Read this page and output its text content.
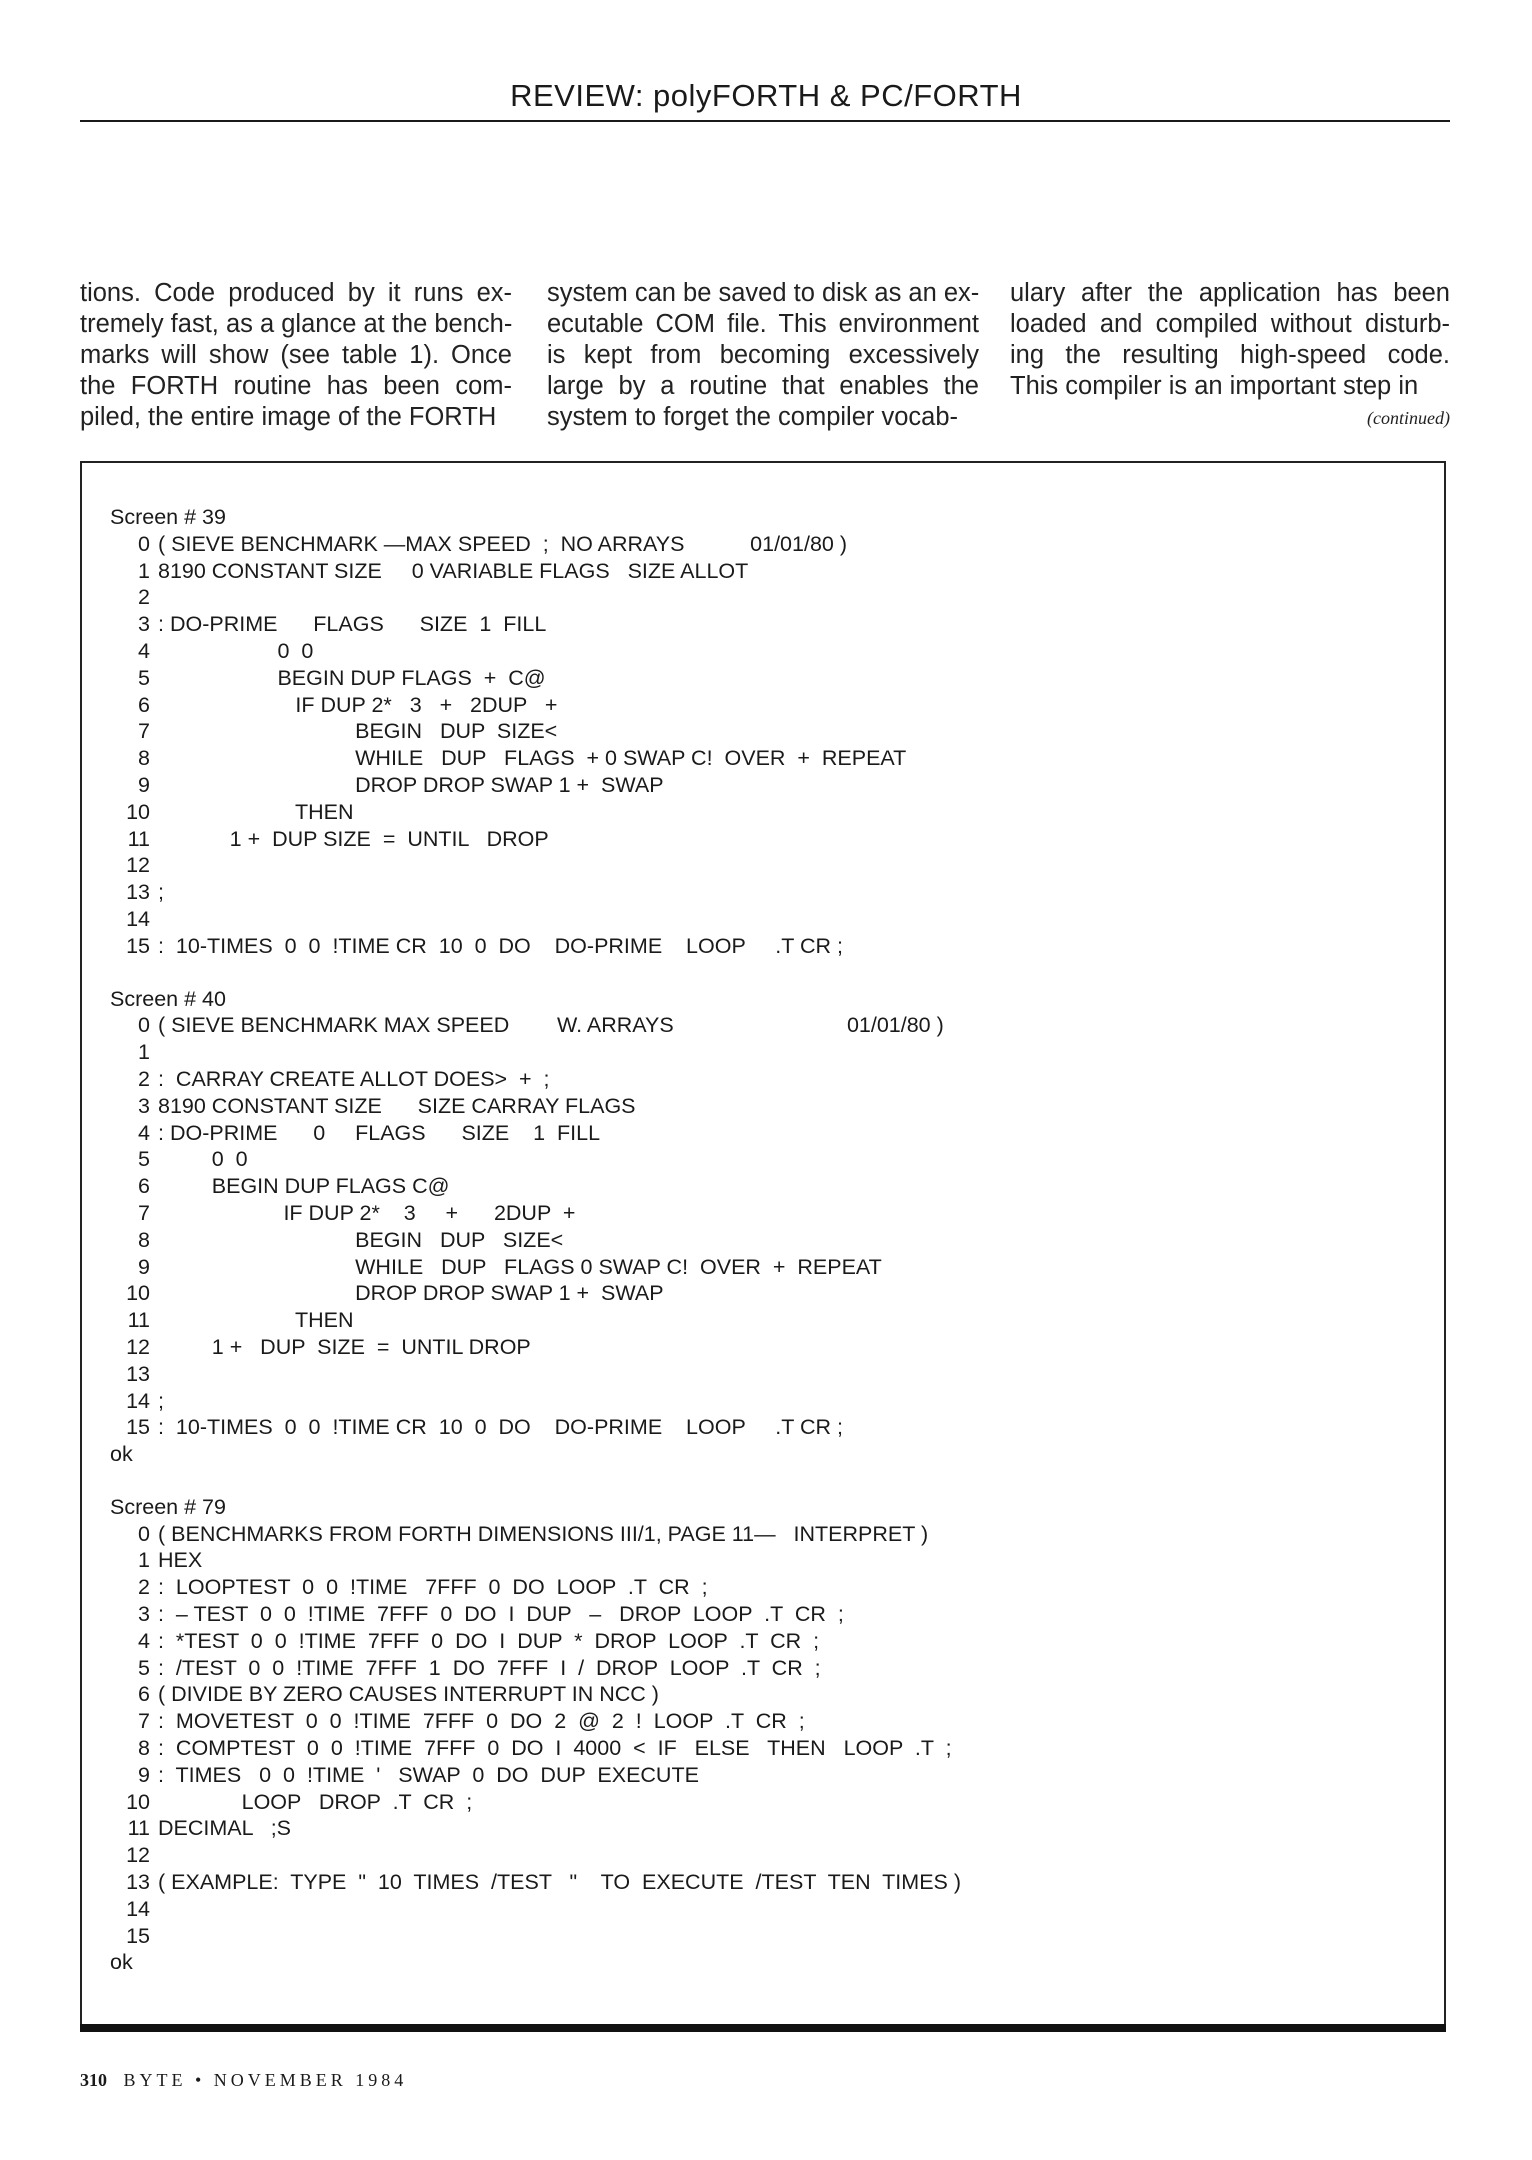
REVIEW: polyFORTH & PC/FORTH
tions. Code produced by it runs ex-
tremely fast, as a glance at the bench-
marks will show (see table 1). Once
the FORTH routine has been com-
piled, the entire image of the FORTH
system can be saved to disk as an ex-
ecutable COM file. This environment
is kept from becoming excessively
large by a routine that enables the
system to forget the compiler vocab-
ulary after the application has been
loaded and compiled without disturb-
ing the resulting high-speed code.
This compiler is an important step in
(continued)
Screen # 39
0 ( SIEVE BENCHMARK —MAX SPEED  ;  NO ARRAYS           01/01/80 )
1 8190 CONSTANT SIZE     0 VARIABLE FLAGS   SIZE ALLOT
2
3 : DO-PRIME      FLAGS      SIZE  1  FILL
4 0  0
5 BEGIN DUP FLAGS  +  C@
6 IF DUP 2*   3   +   2DUP   +
7 BEGIN   DUP  SIZE<
8 WHILE   DUP   FLAGS  + 0 SWAP C!  OVER  +  REPEAT
9 DROP DROP SWAP 1 +  SWAP
10 THEN
11 1 +  DUP SIZE  =  UNTIL   DROP
12
13 ;
14
15 :  10-TIMES  0  0  !TIME CR  10  0  DO    DO-PRIME    LOOP     .T CR ;
Screen # 40
0 ( SIEVE BENCHMARK MAX SPEED        W. ARRAYS                             01/01/80 )
1
2 :  CARRAY CREATE ALLOT DOES>  +  ;
3 8190 CONSTANT SIZE      SIZE CARRAY FLAGS
4 : DO-PRIME      0     FLAGS      SIZE    1  FILL
5 0  0
6 BEGIN DUP FLAGS C@
7 IF DUP 2*    3     +      2DUP  +
8 BEGIN   DUP   SIZE<
9 WHILE   DUP   FLAGS 0 SWAP C!  OVER  +  REPEAT
10 DROP DROP SWAP 1 +  SWAP
11 THEN
12 1 +   DUP  SIZE  =  UNTIL DROP
13
14 ;
15 :  10-TIMES  0  0  !TIME CR  10  0  DO    DO-PRIME    LOOP     .T CR ;
ok
Screen # 79
0 ( BENCHMARKS FROM FORTH DIMENSIONS III/1, PAGE 11—   INTERPRET )
1 HEX
2 :  LOOPTEST  0  0  !TIME   7FFF  0  DO  LOOP  .T  CR  ;
3 :  – TEST  0  0  !TIME  7FFF  0  DO  I  DUP   –   DROP  LOOP  .T  CR  ;
4 :  *TEST  0  0  !TIME  7FFF  0  DO  I  DUP  *  DROP  LOOP  .T  CR  ;
5 :  /TEST  0  0  !TIME  7FFF  1  DO  7FFF  I  /  DROP  LOOP  .T  CR  ;
6 ( DIVIDE BY ZERO CAUSES INTERRUPT IN NCC )
7 :  MOVETEST  0  0  !TIME  7FFF  0  DO  2  @  2  !  LOOP  .T  CR  ;
8 :  COMPTEST  0  0  !TIME  7FFF  0  DO  I  4000  <  IF   ELSE   THEN   LOOP  .T  ;
9 :  TIMES   0  0  !TIME  '   SWAP  0  DO  DUP  EXECUTE
10 LOOP   DROP  .T  CR  ;
11 DECIMAL   ;S
12
13 ( EXAMPLE:  TYPE  "  10  TIMES  /TEST   "    TO  EXECUTE  /TEST  TEN  TIMES )
14
15
ok
310 BYTE • NOVEMBER 1984
